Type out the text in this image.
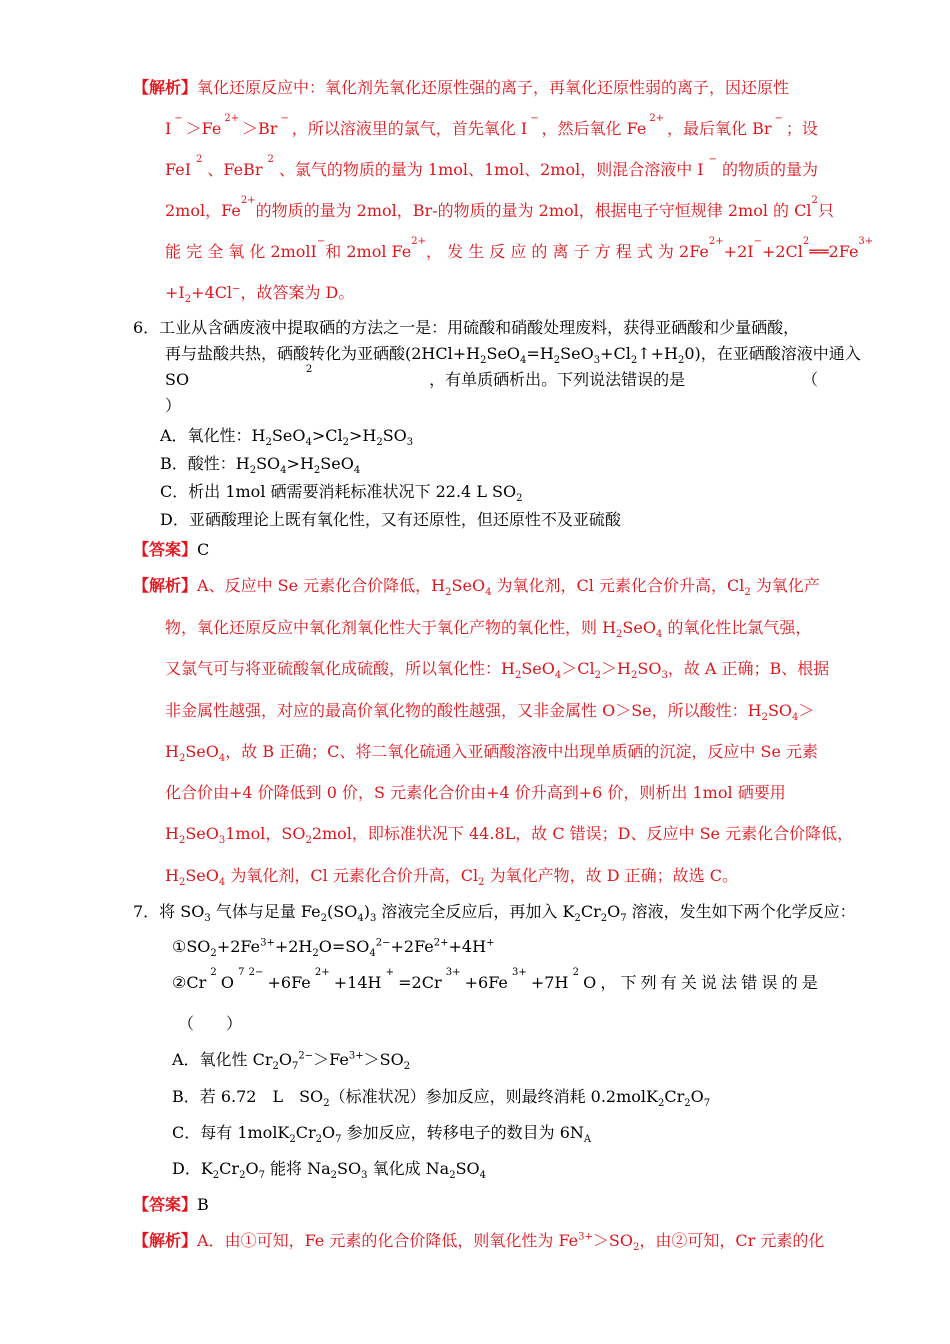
【解析】氧化还原反应中：氧化剂先氧化还原性强的离子，再氧化还原性弱的离子，因还原性
I
−
＞Fe
2+
＞Br
−
，所以溶液里的氯气，首先氧化 I
−
，然后氧化 Fe
2+
，最后氧化 Br
−
；设
FeI
2
、FeBr
2
、氯气的物质的量为 1mol、1mol、2mol，则混合溶液中 I
−
的物质的量为
2mol，Fe
2+
的物质的量为 2mol，Br-的物质的量为 2mol，根据电子守恒规律 2mol 的 Cl
2
只
能 完 全 氧 化 2molI
−
和 2mol Fe
2+
， 发 生 反 应 的 离 子 方 程 式 为 2Fe
2+
+2I
−
+2Cl
2
══2Fe
3+
$+I_2+4Cl^-$，故答案为 D。
6．工业从含硒废液中提取硒的方法之一是：用硫酸和硝酸处理废料，获得亚硒酸和少量硒酸，
再与盐酸共热，硒酸转化为亚硒酸$(2HCl+H_2SeO_4=H_2SeO_3+Cl_2↑+H_20)$，在亚硒酸溶液中通入
SO
2
，有单质硒析出。下列说法错误的是	（
）
A．氧化性：$H_2SeO_4>Cl_2>H_2SO_3$
B．酸性：$H_2SO_4>H_2SeO_4$
C．析出 1mol 硒需要消耗标准状况下 22.4 L $SO_2$
D．亚硒酸理论上既有氧化性，又有还原性，但还原性不及亚硫酸
【答案】C
【解析】A、反应中 Se 元素化合价降低，$H_2SeO_4$ 为氧化剂，Cl 元素化合价升高，$Cl_2$ 为氧化产
物，氧化还原反应中氧化剂氧化性大于氧化产物的氧化性，则 $H_2SeO_4$ 的氧化性比氯气强，
又氯气可与将亚硫酸氧化成硫酸，所以氧化性：$H_2SeO_4>Cl_2>H_2SO_3$，故 A 正确；B、根据
非金属性越强，对应的最高价氧化物的酸性越强，又非金属性 O＞Se，所以酸性：$H_2SO_4>$
$H_2SeO_4$，故 B 正确；C、将二氧化硫通入亚硒酸溶液中出现单质硒的沉淀，反应中 Se 元素
化合价由+4 价降低到 0 价，S 元素化合价由+4 价升高到+6 价，则析出 1mol 硒要用
$H_2SeO_31mol$，$SO_22mol$，即标准状况下 44.8L，故 C 错误；D、反应中 Se 元素化合价降低，
$H_2SeO_4$ 为氧化剂，Cl 元素化合价升高，$Cl_2$ 为氧化产物，故 D 正确；故选 C。
7．将 $SO_3$ 气体与足量 $Fe_2(SO_4)_3$ 溶液完全反应后，再加入 $K_2Cr_2O_7$ 溶液，发生如下两个化学反应：
$①SO_2+2Fe^{3+}+2H_2O=SO_4^{2-}+2Fe^{2+}+4H^+$
②Cr
2
O
7 2−
+6Fe
2+
+14H
+
=2Cr
3+
+6Fe
3+
+7H
2
O ， 下 列 有 关 说 法 错 误 的 是
（　　）
A．氧化性 $Cr_2O_7^{2-}>Fe^{3+}>SO_2$
B．若 6.72　L　$SO_2$（标准状况）参加反应，则最终消耗 $0.2molK_2Cr_2O_7$
C．每有 $1molK_2Cr_2O_7$ 参加反应，转移电子的数目为 $6N_A$
D．$K_2Cr_2O_7$ 能将 $Na_2SO_3$ 氧化成 $Na_2SO_4$
【答案】B
【解析】A．由①可知，Fe 元素的化合价降低，则氧化性为 $Fe^{3+}>SO_2$，由②可知，Cr 元素的化
